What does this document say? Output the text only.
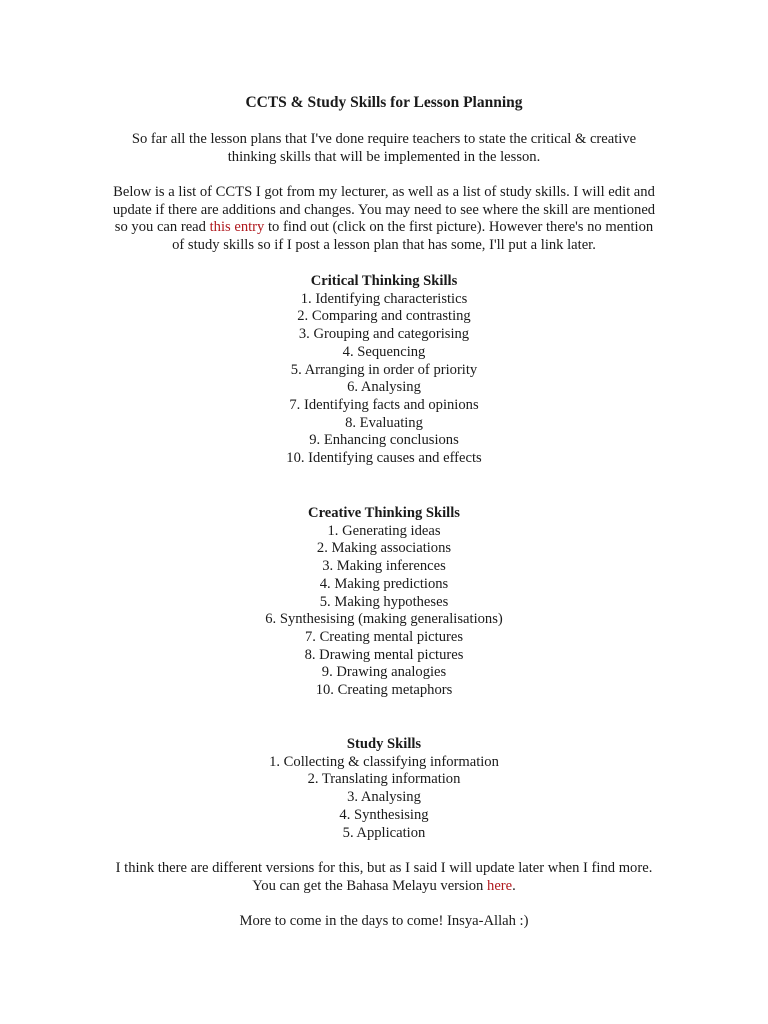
CCTS & Study Skills for Lesson Planning

So far all the lesson plans that I've done require teachers to state the critical & creative
thinking skills that will be implemented in the lesson.

Below is a list of CCTS I got from my lecturer, as well as a list of study skills. I will edit and
update if there are additions and changes. You may need to see where the skill are mentioned
so you can read this entry to find out (click on the first picture). However there's no mention
of study skills so if I post a lesson plan that has some, I'll put a link later.

Critical Thinking Skills
1. Identifying characteristics
2. Comparing and contrasting
3. Grouping and categorising
4. Sequencing
5. Arranging in order of priority
6. Analysing
7. Identifying facts and opinions
8. Evaluating
9. Enhancing conclusions
10. Identifying causes and effects
Creative Thinking Skills
1. Generating ideas
2. Making associations
3. Making inferences
4. Making predictions
5. Making hypotheses
6. Synthesising (making generalisations)
7. Creating mental pictures
8. Drawing mental pictures
9. Drawing analogies
10. Creating metaphors
Study Skills
1. Collecting & classifying information
2. Translating information
3. Analysing
4. Synthesising
5. Application

I think there are different versions for this, but as I said I will update later when I find more.
You can get the Bahasa Melayu version here.

More to come in the days to come! Insya-Allah :)
